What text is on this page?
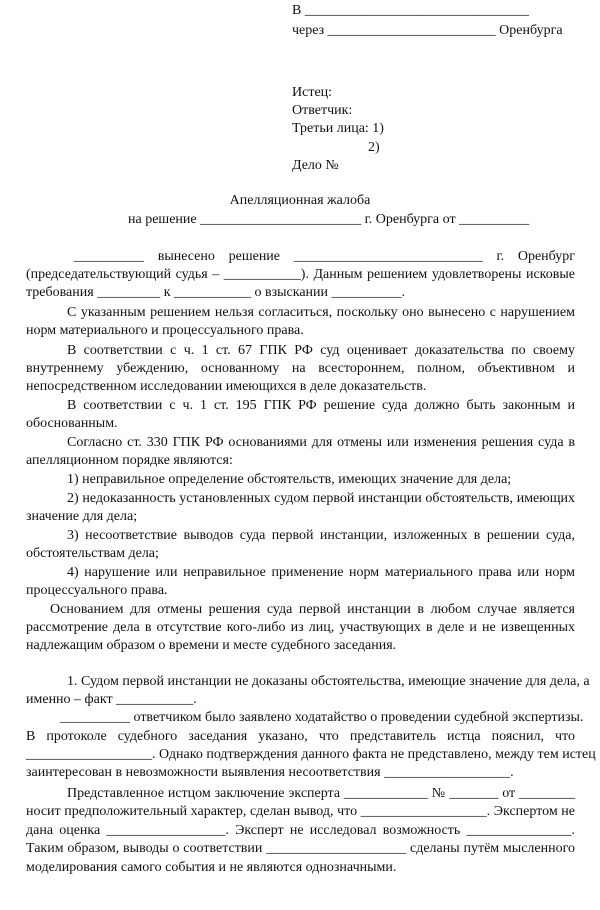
В ________________________________
через ________________________ Оренбурга
Истец:
Ответчик:
Третьи лица: 1)
2)
Дело №
Апелляционная жалоба
на решение _______________________ г. Оренбурга от __________
__________ вынесено решение ___________________________ г. Оренбург
(председательствующий судья – ___________). Данным решением удовлетворены исковые
требования _________ к ___________ о взыскании __________.
С указанным решением нельзя согласиться, поскольку оно вынесено с нарушением
норм материального и процессуального права.
В соответствии с ч. 1 ст. 67 ГПК РФ суд оценивает доказательства по своему
внутреннему убеждению, основанному на всестороннем, полном, объективном и
непосредственном исследовании имеющихся в деле доказательств.
В соответствии с ч. 1 ст. 195 ГПК РФ решение суда должно быть законным и
обоснованным.
Согласно ст. 330 ГПК РФ основаниями для отмены или изменения решения суда в
апелляционном порядке являются:
1) неправильное определение обстоятельств, имеющих значение для дела;
2) недоказанность установленных судом первой инстанции обстоятельств, имеющих
значение для дела;
3) несоответствие выводов суда первой инстанции, изложенных в решении суда,
обстоятельствам дела;
4) нарушение или неправильное применение норм материального права или норм
процессуального права.
Основанием для отмены решения суда первой инстанции в любом случае является
рассмотрение дела в отсутствие кого-либо из лиц, участвующих в деле и не извещенных
надлежащим образом о времени и месте судебного заседания.
1. Судом первой инстанции не доказаны обстоятельства, имеющие значение для дела, а
именно – факт ___________.
__________ ответчиком было заявлено ходатайство о проведении судебной экспертизы.
В протоколе судебного заседания указано, что представитель истца пояснил, что
__________________. Однако подтверждения данного факта не представлено, между тем истец
заинтересован в невозможности выявления несоответствия __________________.
Представленное истцом заключение эксперта ____________ № _______ от ________
носит предположительный характер, сделан вывод, что __________________. Экспертом не
дана оценка _________________. Эксперт не исследовал возможность _______________.
Таким образом, выводы о соответствии ____________________ сделаны путём мысленного
моделирования самого события и не являются однозначными.
